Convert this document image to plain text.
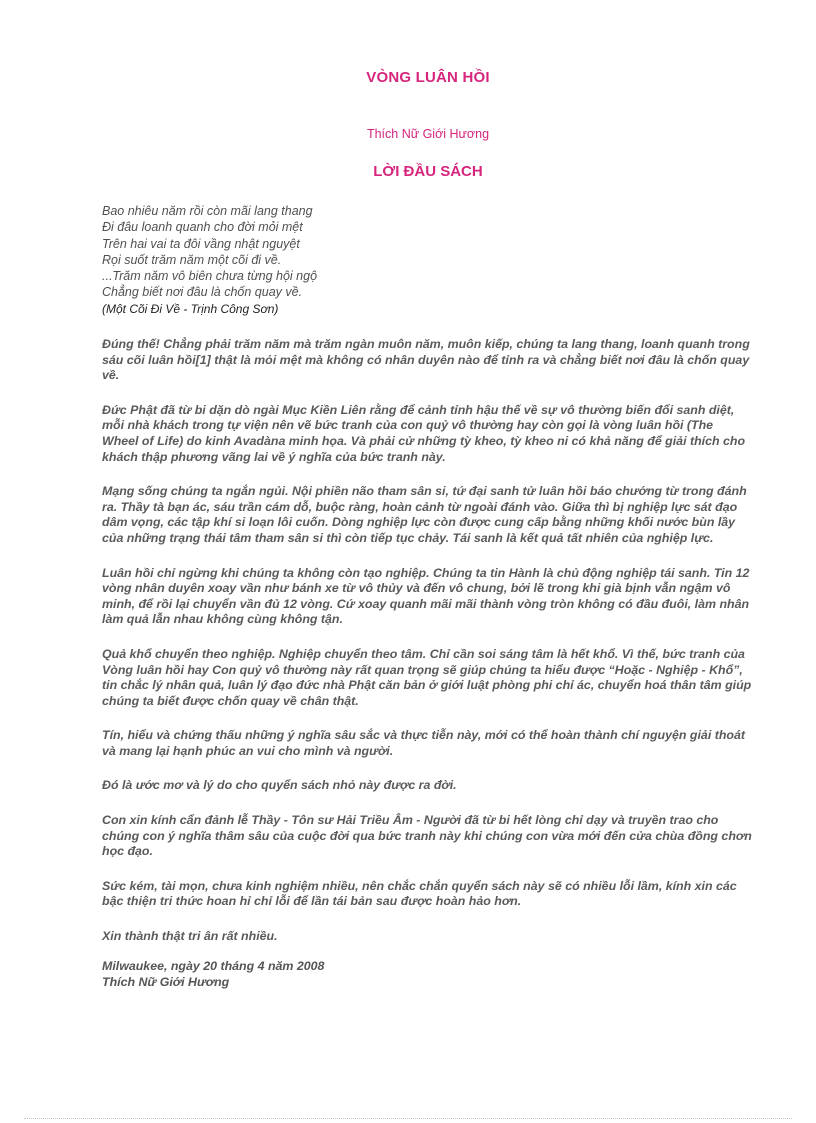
VÒNG LUÂN HỒI
Thích Nữ Giới Hương
LỜI ĐẦU SÁCH
Bao nhiêu năm rồi còn mãi lang thang
Đi đâu loanh quanh cho đời mỏi mệt
Trên hai vai ta đôi vầng nhật nguyệt
Rọi suốt trăm năm một cõi đi về.
...Trăm năm vô biên chưa từng hội ngộ
Chẳng biết nơi đâu là chốn quay về.
(Một Cõi Đi Về - Trịnh Công Sơn)

Đúng thế! Chẳng phải trăm năm mà trăm ngàn muôn năm, muôn kiếp, chúng ta lang thang, loanh quanh trong sáu cõi luân hồi[1] thật là mỏi mệt mà không có nhân duyên nào để tỉnh ra và chẳng biết nơi đâu là chốn quay về.

Đức Phật đã từ bi dặn dò ngài Mục Kiền Liên rằng để cảnh tỉnh hậu thế về sự vô thường biến đổi sanh diệt, mỗi nhà khách trong tự viện nên vẽ bức tranh của con quỷ vô thường hay còn gọi là vòng luân hồi (The Wheel of Life) do kinh Avadàna minh họa. Và phải cử những tỳ kheo, tỳ kheo ni có khả năng để giải thích cho khách thập phương vãng lai về ý nghĩa của bức tranh này.

Mạng sống chúng ta ngắn ngủi. Nội phiền não tham sân si, tứ đại sanh tử luân hồi báo chướng từ trong đánh ra. Thầy tà bạn ác, sáu trần cám dỗ, buộc ràng, hoàn cảnh từ ngoài đánh vào. Giữa thì bị nghiệp lực sát đạo dâm vọng, các tập khí si loạn lôi cuốn. Dòng nghiệp lực còn được cung cấp bằng những khối nước bùn lầy của những trạng thái tâm tham sân si thì còn tiếp tục chảy. Tái sanh là kết quả tất nhiên của nghiệp lực.

Luân hồi chỉ ngừng khi chúng ta không còn tạo nghiệp. Chúng ta tin Hành là chủ động nghiệp tái sanh. Tin 12 vòng nhân duyên xoay vần như bánh xe từ vô thủy và đến vô chung, bởi lẽ trong khi già bịnh vẫn ngậm vô minh, để rồi lại chuyển vần đủ 12 vòng. Cứ xoay quanh mãi mãi thành vòng tròn không có đầu đuôi, làm nhân làm quả lẫn nhau không cùng không tận.

Quả khổ chuyển theo nghiệp. Nghiệp chuyển theo tâm. Chỉ cần soi sáng tâm là hết khổ. Vì thế, bức tranh của Vòng luân hồi hay Con quỷ vô thường này rất quan trọng sẽ giúp chúng ta hiểu được “Hoặc - Nghiệp - Khổ”, tin chắc lý nhân quả, luân lý đạo đức nhà Phật căn bản ở giới luật phòng phi chỉ ác, chuyển hoá thân tâm giúp chúng ta biết được chốn quay về chân thật.

Tín, hiểu và chứng thấu những ý nghĩa sâu sắc và thực tiễn này, mới có thể hoàn thành chí nguyện giải thoát và mang lại hạnh phúc an vui cho mình và người.

Đó là ước mơ và lý do cho quyển sách nhỏ này được ra đời.

Con xin kính cẩn đảnh lễ Thầy - Tôn sư Hải Triều Âm - Người đã từ bi hết lòng chỉ dạy và truyền trao cho chúng con ý nghĩa thâm sâu của cuộc đời qua bức tranh này khi chúng con vừa mới đến cửa chùa đồng chơn học đạo.

Sức kém, tài mọn, chưa kinh nghiệm nhiều, nên chắc chắn quyển sách này sẽ có nhiều lỗi lầm, kính xin các bậc thiện tri thức hoan hỉ chỉ lỗi để lần tái bản sau được hoàn hảo hơn.

Xin thành thật tri ân rất nhiều.

Milwaukee, ngày 20 tháng 4 năm 2008
Thích Nữ Giới Hương
